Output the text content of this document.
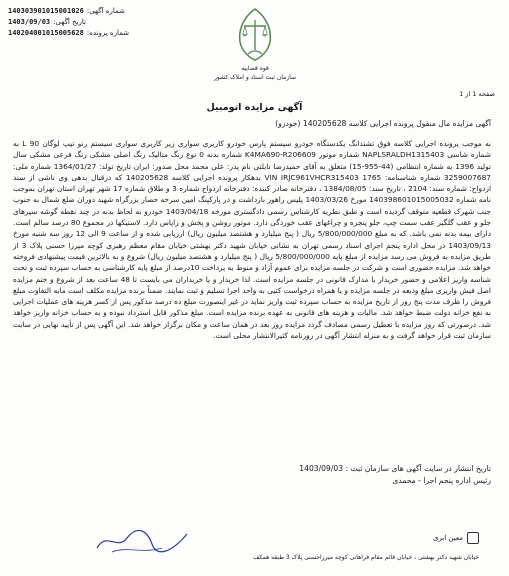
شماره آگهی:
140303901015001026
تاریخ آگهی:
1403/09/03
شماره پرونده:
140204001015005628
قوه قضاییه
سازمان ثبت اسناد و املاک کشور
صفحه 1 از 1
آگهی مزایده اتومبیل
آگهی مزایده مال منقول پرونده اجرایی کلاسه 140205628 (خودرو)

به موجب پرونده اجرایی کلاسه فوق تشتدانگ یکدستگاه خودرو سیستم پارس خودرو کاربری سواری زیر کاربری سواری سیستم رنو تیپ لوگان L 90 به شماره شاسی NAPLSRALDH1315403 شماره موتور K4MA690-R206609 شماره بدنه 0 نوع رنگ متالیک رنگ اصلی مشکی رنگ فرعی مشکی سال تولید 1396 به شماره انتظامی (44-955-15) متعلق به آقای حمیدرضا تابلتی نام پدر: علی محمد محل صدور: ایران تاریخ تولد: 1364/01/27 شماره ملی: 3259007687 شماره شناسنامه: 1765 VIN IRJC961VHCR315403 بدهکار پرونده اجرایی کلاسه 140205628 که درقبال بدهی وی ناشی از سند ازدواج: شماره سند: 2104 ، تاریخ سند: 1384/08/05 ، دفترخانه صادر کننده: دفترخانه ازدواج شماره 3 و طلاق شماره 17 شهر تهران استان تهران بموجب نامه شماره 140398601015005032 مورخ 1403/03/26 پلیس راهور بازداشت و در پارکینگ امین سرخه حصار بزرگراه شهید دوران ضلع شمال به جنوب جنب شهرک قطعیه متوقف گردیده است و طبق نظریه کارشناس رسمی دادگستری مورخه 1403/04/18 خودرو به لحاظ بدنه در چند نقطه گوشه سپرهای جلو و عقب گلگیر عقب سمت چپ، جلو پنجره و چراغهای عقب خوردگی دارد. موتور روشن و پخش و زاپاس دارد. لاستیکها در مجموع 80 درصد سالم است. دارای بیمه بدنه نمی باشد. که به مبلغ 5/800/000/000 ریال ( پنج میلیارد و هشتصد میلیون ریال) ارزیابی شده و از ساعت 9 الی 12 روز سه شنبه مورخ 1403/09/13 در محل اداره پنجم اجرای اسناد رسمی تهران به نشانی خیابان شهید دکتر بهشتی خیابان مقام معظم رهبری کوچه میرزا حسنی پلاک 3 از طریق مزایده به فروش می رسد مزایده از مبلغ پایه 5/800/000/000 ریال ( پنج میلیارد و هشتصد میلیون ریال) شروع و به بالاترین قیمت پیشنهادی فروخته خواهد شد. مزایده حضوری است و شرکت در جلسه مزایده برای عموم آزاد و منوط به پرداخت 10درصد از مبلغ پایه کارشناسی به حساب سپرده ثبت و تحت شناسه واریز اعلامی و حضور خریدار با مدارک قانونی در جلسه مزایده است. لذا خریدار و یا خریداران می بایست تا 48 ساعت بعد از شروع و ختم مزایده اصل فیش واریزی مبلغ ودیعه در جلسه مزایده و یا همراه درخواست کتبی به واحد اجرا تسلیم و ثبت نمایند. ضمناً برنده مزایده مکلف است مابه التفاوت مبلغ فروش را ظرف مدت پنج روز از تاریخ مزایده به حساب سپرده ثبت واریز نماید در غیر اینصورت مبلغ ده درصد مذکور پس از کسر هزینه های عملیات اجرایی به نفع خزانه دولت ضبط خواهد شد. مالیات و هزینه های قانونی به عهده برنده مزایده است. مبلغ مذکور قابل استرداد نبوده و به حساب خزانه واریز خواهد شد. درصورتی که روز مزایده با تعطیل رسمی مصادف گردد مزایده روز بعد در همان ساعت و مکان برگزار خواهد شد. این آگهی پس از تأیید نهایی در سایت سازمان ثبت قرار خواهد گرفت و به منزله انتشار آگهی در روزنامه کثیرالانتشار محلی است.

تاریخ انتشار در سایت آگهی های سازمان ثبت : 1403/09/03
رئیس اداره پنجم اجرا - محمدی
معین ابری
خیابان شهید دکتر بهشتی ، خیابان قائم مقام فراهانی کوچه میرزاحسنی پلاک 3 طبقه همکف
